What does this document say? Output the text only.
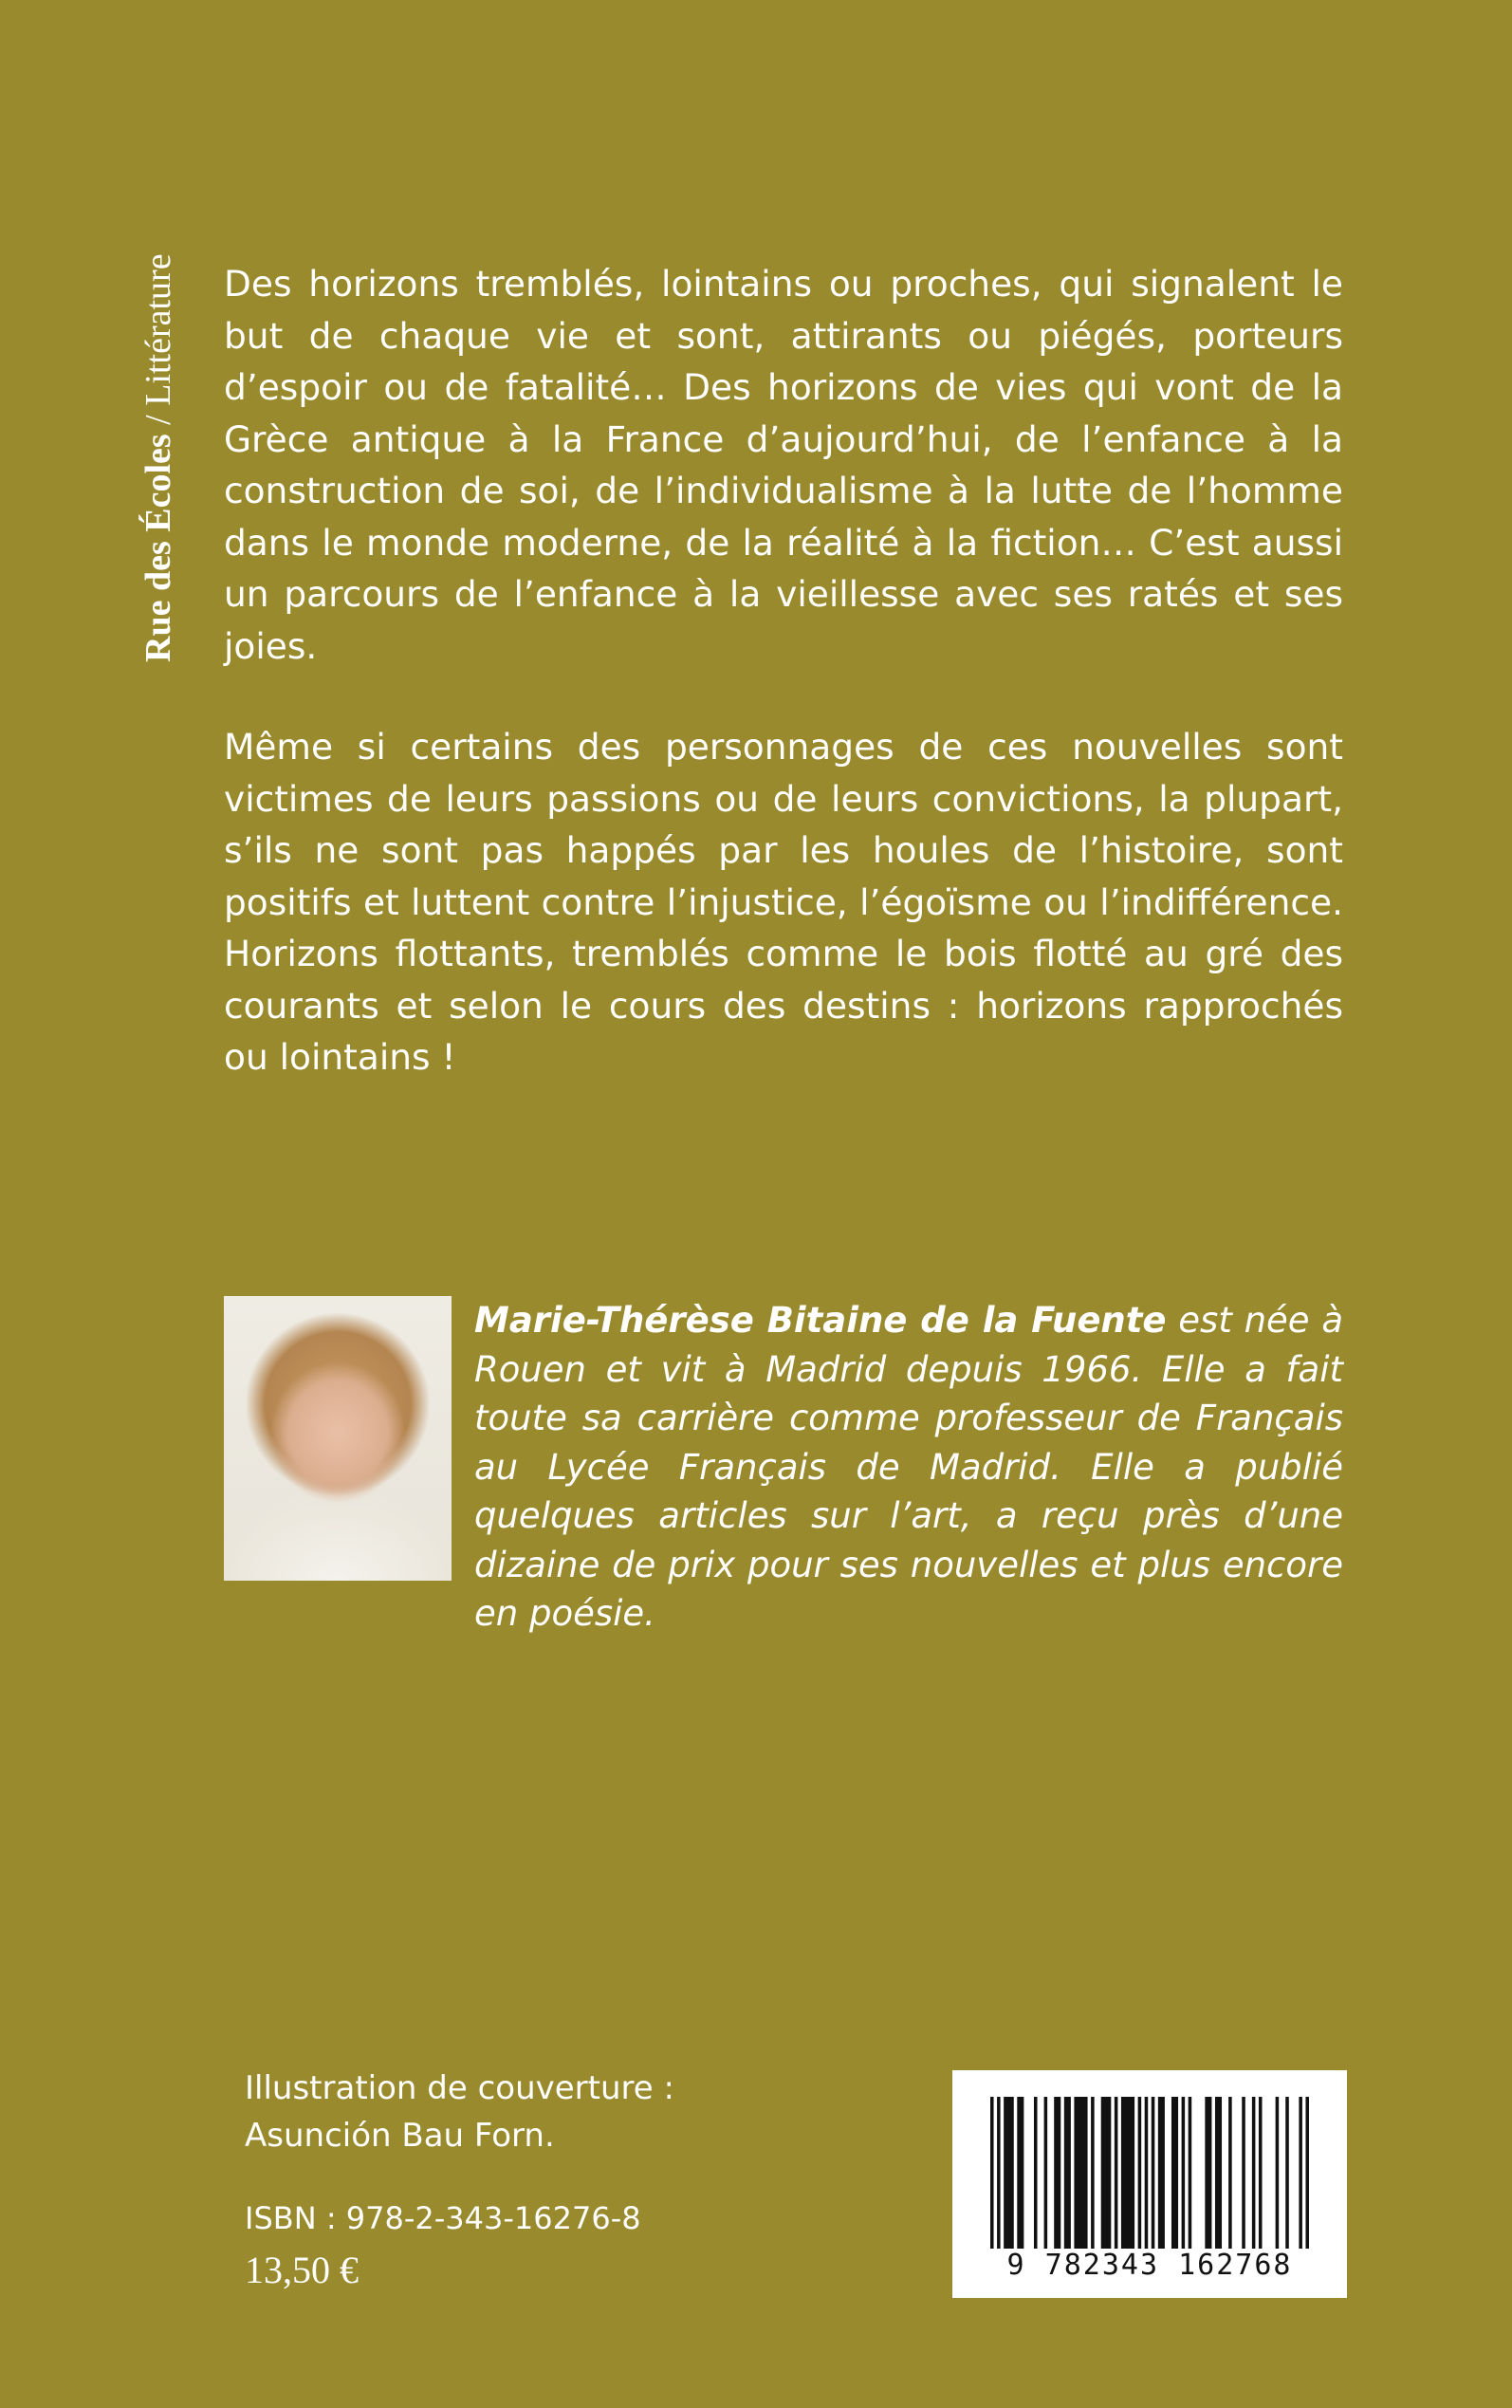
Rue des Écoles / Littérature Des horizons tremblés, lointains ou proches, qui signalent le but de chaque vie et sont, attirants ou piégés, porteurs d’espoir ou de fatalité… Des horizons de vies qui vont de la Grèce antique à la France d’aujourd’hui, de l’enfance à la construction de soi, de l’individualisme à la lutte de l’homme dans le monde moderne, de la réalité à la fiction… C’est aussi un parcours de l’enfance à la vieillesse avec ses ratés et ses joies.

Même si certains des personnages de ces nouvelles sont victimes de leurs passions ou de leurs convictions, la plupart, s’ils ne sont pas happés par les houles de l’histoire, sont positifs et luttent contre l’injustice, l’égoïsme ou l’indifférence. Horizons flottants, tremblés comme le bois flotté au gré des courants et selon le cours des destins : horizons rapprochés ou lointains !

Marie-Thérèse Bitaine de la Fuente est née à Rouen et vit à Madrid depuis 1966. Elle a fait toute sa carrière comme professeur de Français au Lycée Français de Madrid. Elle a publié quelques articles sur l’art, a reçu près d’une dizaine de prix pour ses nouvelles et plus encore en poésie.
Illustration de couverture :
Asunción Bau Forn.
ISBN : 978-2-343-16276-8
13,50 €	9 782343 162768
